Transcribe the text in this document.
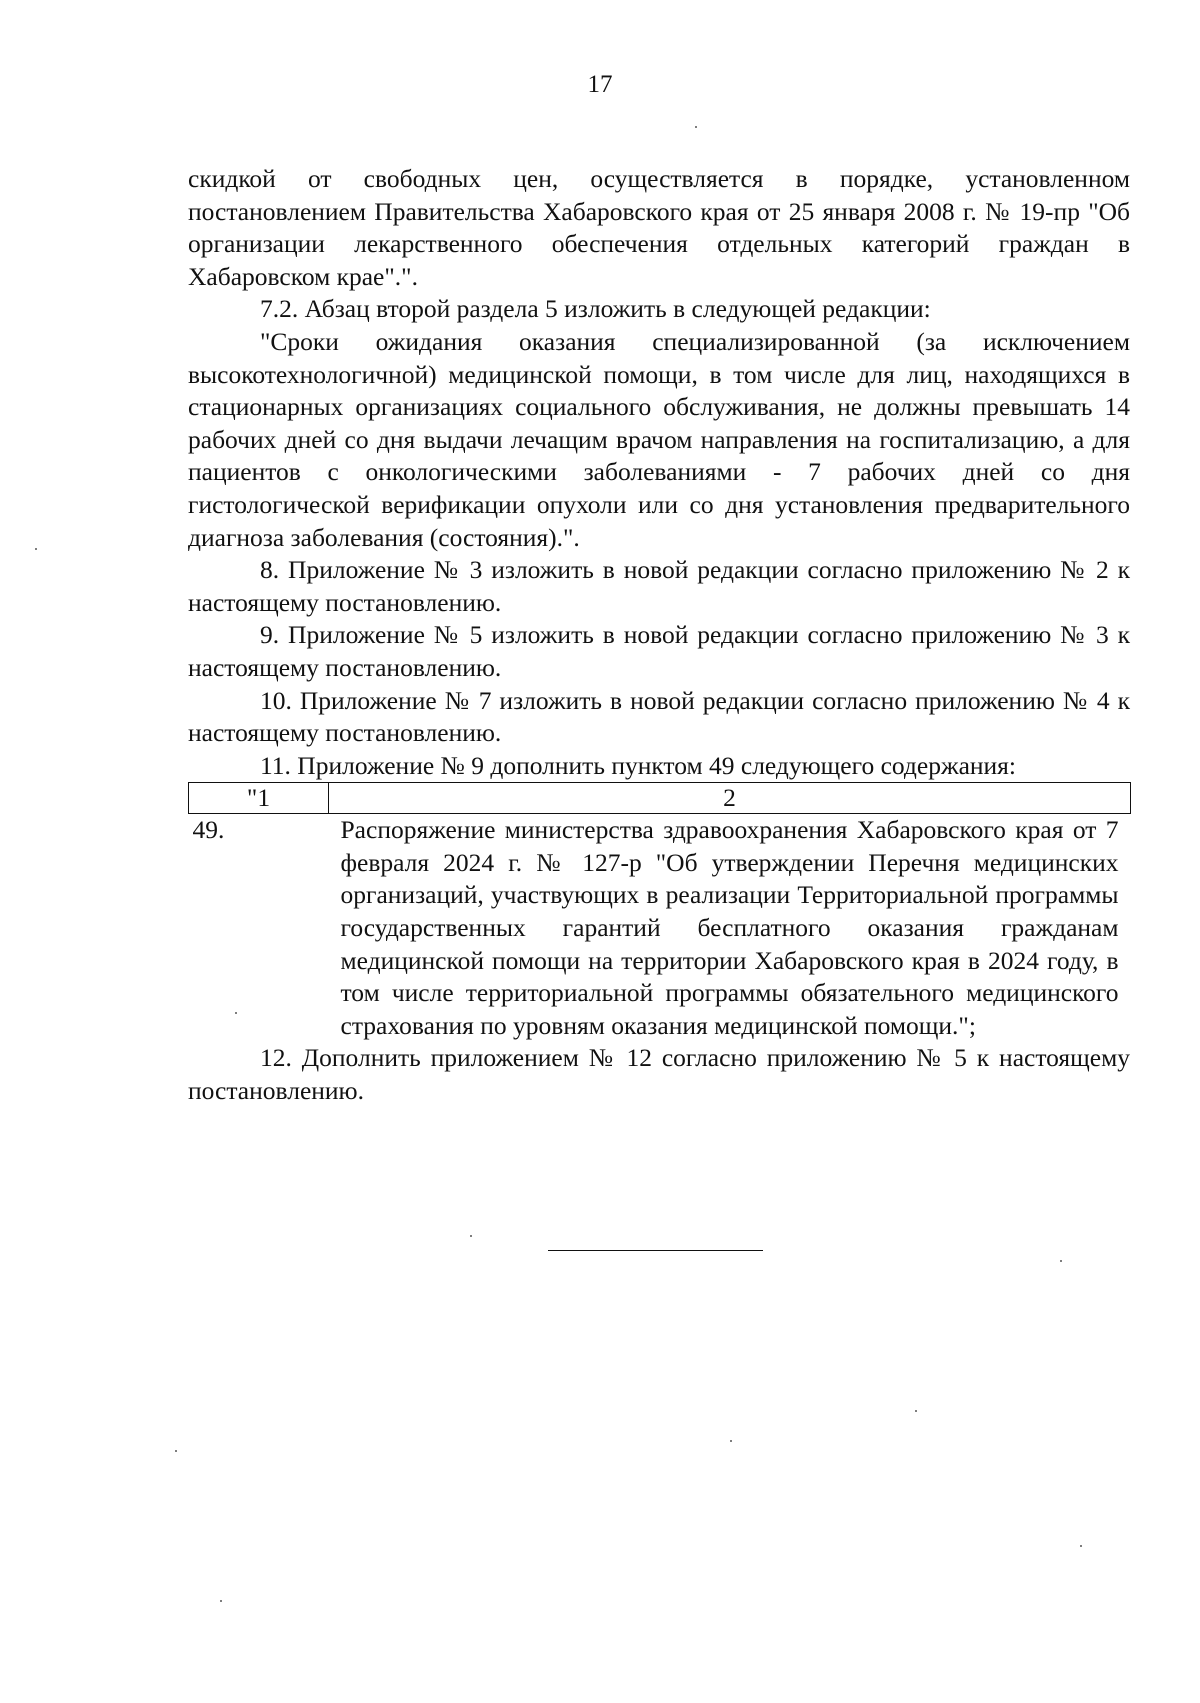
17

скидкой от свободных цен, осуществляется в порядке, установленном постановлением Правительства Хабаровского края от 25 января 2008 г. № 19-пр "Об организации лекарственного обеспечения отдельных категорий граждан в Хабаровском крае".".

7.2. Абзац второй раздела 5 изложить в следующей редакции:

"Сроки ожидания оказания специализированной (за исключением высокотехнологичной) медицинской помощи, в том числе для лиц, находящихся в стационарных организациях социального обслуживания, не должны превышать 14 рабочих дней со дня выдачи лечащим врачом направления на госпитализацию, а для пациентов с онкологическими заболеваниями - 7 рабочих дней со дня гистологической верификации опухоли или со дня установления предварительного диагноза заболевания (состояния).".

8. Приложение № 3 изложить в новой редакции согласно приложению № 2 к настоящему постановлению.

9. Приложение № 5 изложить в новой редакции согласно приложению № 3 к настоящему постановлению.

10. Приложение № 7 изложить в новой редакции согласно приложению № 4 к настоящему постановлению.

11. Приложение № 9 дополнить пунктом 49 следующего содержания:

"1	2
49.	Распоряжение министерства здравоохранения Хабаровского края от 7 февраля 2024 г. № 127-р "Об утверждении Перечня медицинских организаций, участвующих в реализации Территориальной программы государственных гарантий бесплатного оказания гражданам медицинской помощи на территории Хабаровского края в 2024 году, в том числе территориальной программы обязательного медицинского страхования по уровням оказания медицинской помощи.";

12. Дополнить приложением № 12 согласно приложению № 5 к настоящему постановлению.
